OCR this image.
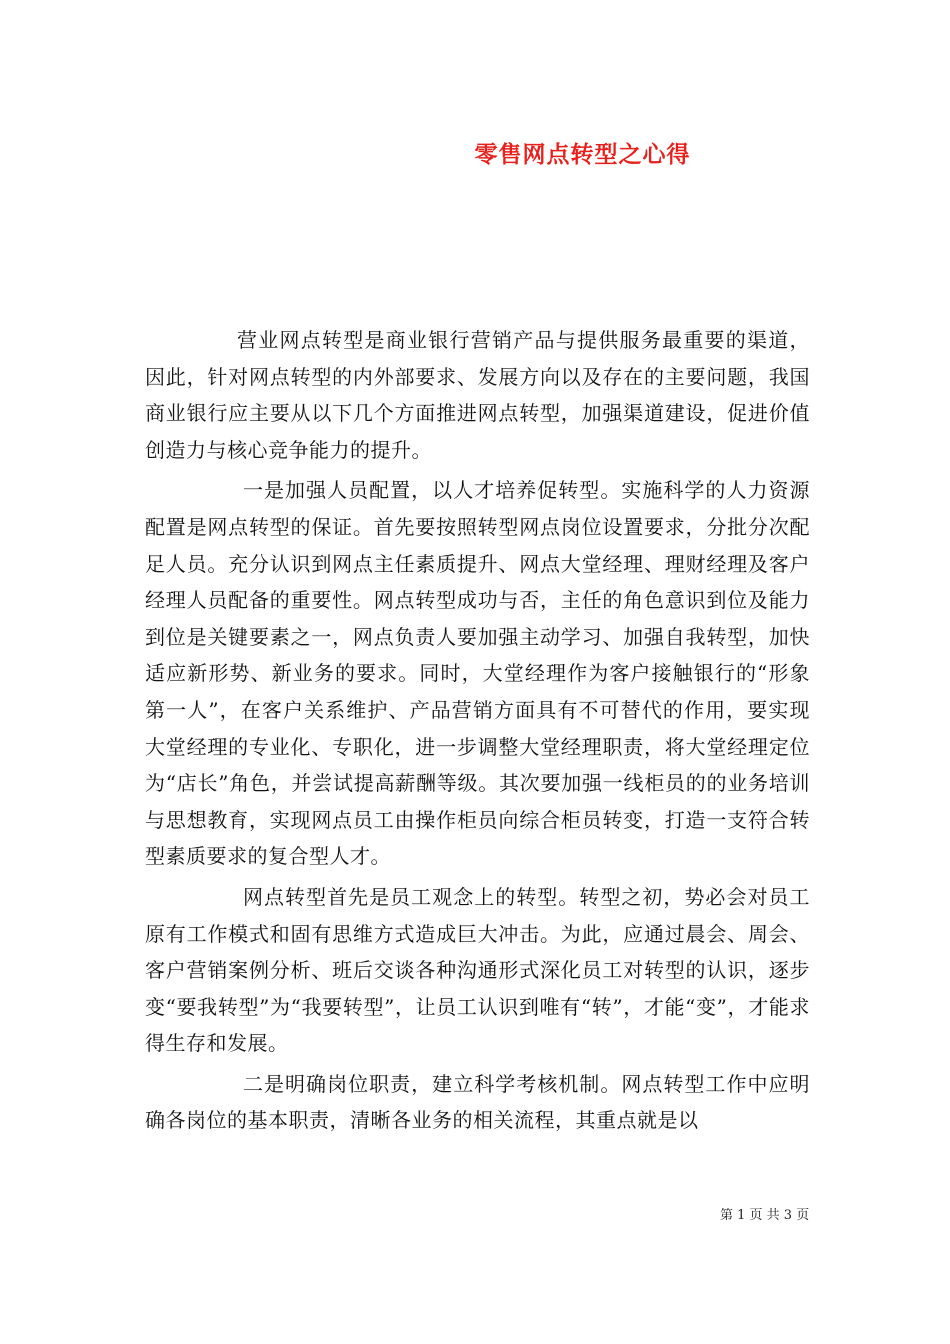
零售网点转型之心得

营业网点转型是商业银行营销产品与提供服务最重要的渠道，因此，针对网点转型的内外部要求、发展方向以及存在的主要问题，我国商业银行应主要从以下几个方面推进网点转型，加强渠道建设，促进价值创造力与核心竞争能力的提升。

一是加强人员配置，以人才培养促转型。实施科学的人力资源配置是网点转型的保证。首先要按照转型网点岗位设置要求，分批分次配足人员。充分认识到网点主任素质提升、网点大堂经理、理财经理及客户经理人员配备的重要性。网点转型成功与否，主任的角色意识到位及能力到位是关键要素之一，网点负责人要加强主动学习、加强自我转型，加快适应新形势、新业务的要求。同时，大堂经理作为客户接触银行的“形象第一人”，在客户关系维护、产品营销方面具有不可替代的作用，要实现大堂经理的专业化、专职化，进一步调整大堂经理职责，将大堂经理定位为“店长”角色，并尝试提高薪酬等级。其次要加强一线柜员的的业务培训与思想教育，实现网点员工由操作柜员向综合柜员转变，打造一支符合转型素质要求的复合型人才。

网点转型首先是员工观念上的转型。转型之初，势必会对员工原有工作模式和固有思维方式造成巨大冲击。为此，应通过晨会、周会、客户营销案例分析、班后交谈各种沟通形式深化员工对转型的认识，逐步变“要我转型”为“我要转型”，让员工认识到唯有“转”，才能“变”，才能求得生存和发展。

二是明确岗位职责，建立科学考核机制。网点转型工作中应明确各岗位的基本职责，清晰各业务的相关流程，其重点就是以

第 1 页 共 3 页
